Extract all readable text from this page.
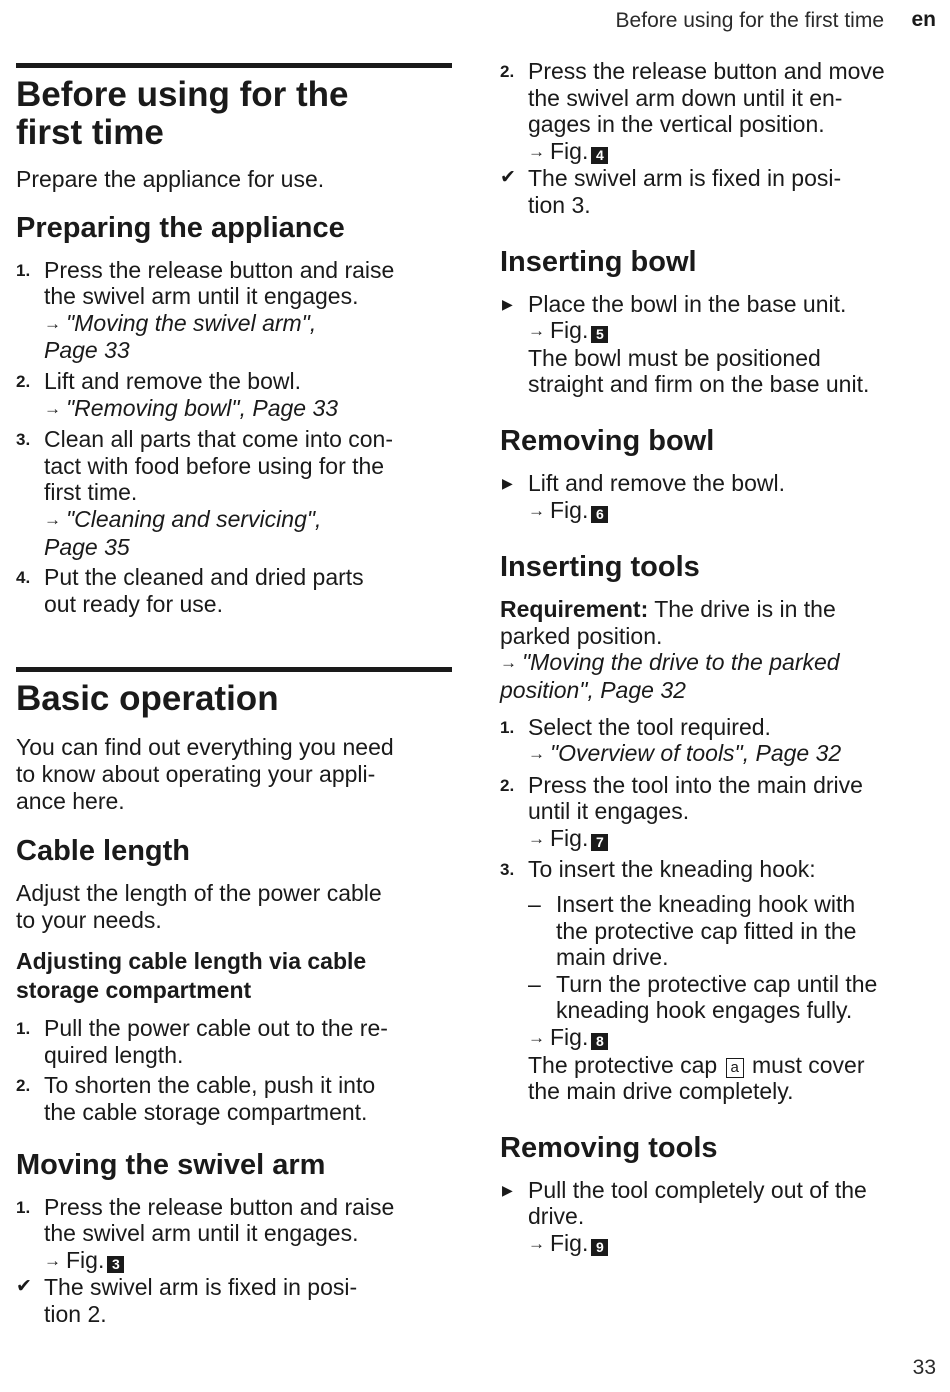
Before using for the first time en
Before using for the
first time
Prepare the appliance for use.
Preparing the appliance
1. Press the release button and raise
the swivel arm until it engages.
→ "Moving the swivel arm",
Page 33
2. Lift and remove the bowl.
→ "Removing bowl", Page 33
3. Clean all parts that come into con-
tact with food before using for the
first time.
→ "Cleaning and servicing",
Page 35
4. Put the cleaned and dried parts
out ready for use.
Basic operation
You can find out everything you need
to know about operating your appli-
ance here.
Cable length
Adjust the length of the power cable
to your needs.
Adjusting cable length via cable
storage compartment
1. Pull the power cable out to the re-
quired length.
2. To shorten the cable, push it into
the cable storage compartment.
Moving the swivel arm
1. Press the release button and raise
the swivel arm until it engages.
→ Fig. 3
✔ The swivel arm is fixed in posi-
tion 2.
2. Press the release button and move
the swivel arm down until it en-
gages in the vertical position.
→ Fig. 4
✔ The swivel arm is fixed in posi-
tion 3.
Inserting bowl
▶ Place the bowl in the base unit.
→ Fig. 5
The bowl must be positioned
straight and firm on the base unit.
Removing bowl
▶ Lift and remove the bowl.
→ Fig. 6
Inserting tools
Requirement: The drive is in the
parked position.
→ "Moving the drive to the parked
position", Page 32
1. Select the tool required.
→ "Overview of tools", Page 32
2. Press the tool into the main drive
until it engages.
→ Fig. 7
3. To insert the kneading hook:
– Insert the kneading hook with
the protective cap fitted in the
main drive.
– Turn the protective cap until the
kneading hook engages fully.
→ Fig. 8
The protective cap a must cover
the main drive completely.
Removing tools
▶ Pull the tool completely out of the
drive.
→ Fig. 9
33
